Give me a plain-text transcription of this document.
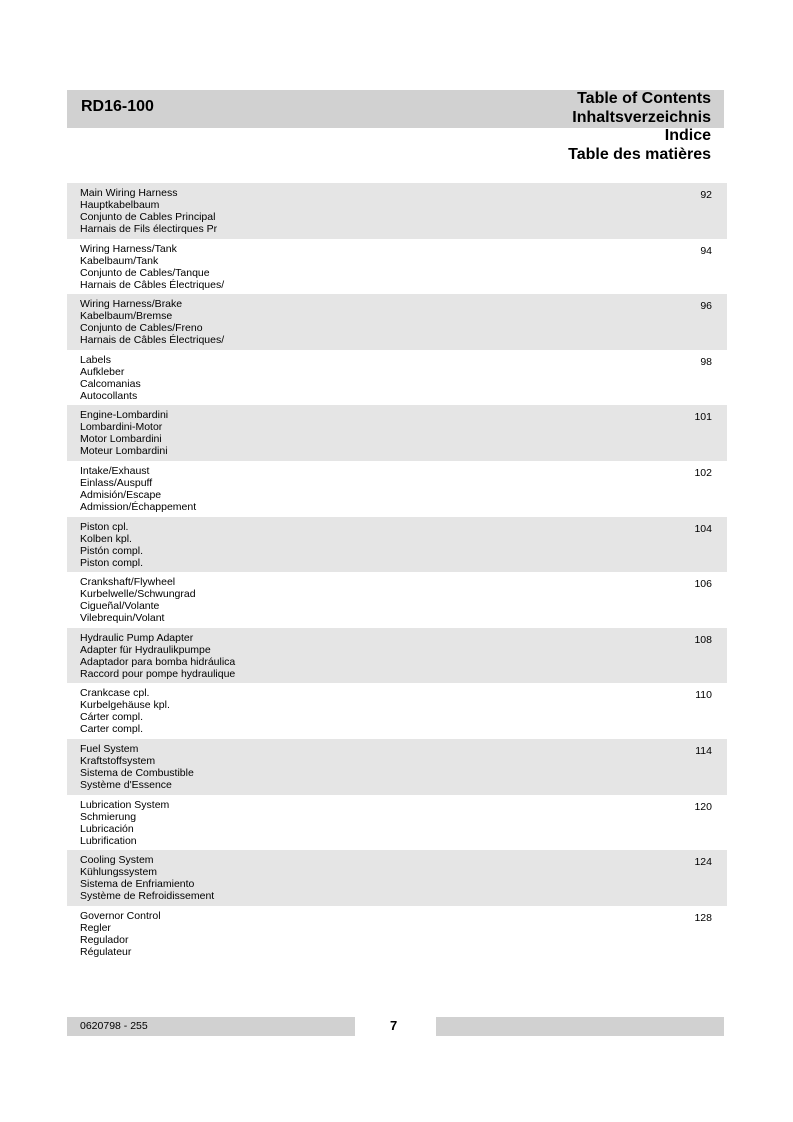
RD16-100	Table of Contents
Inhaltsverzeichnis
Indice
Table des matières
Main Wiring Harness
Hauptkabelbaum
Conjunto de Cables Principal
Harnais de Fils électirques Pr
92
Wiring Harness/Tank
Kabelbaum/Tank
Conjunto de Cables/Tanque
Harnais de Câbles Électriques/
94
Wiring Harness/Brake
Kabelbaum/Bremse
Conjunto de Cables/Freno
Harnais de Câbles Électriques/
96
Labels
Aufkleber
Calcomanias
Autocollants
98
Engine-Lombardini
Lombardini-Motor
Motor Lombardini
Moteur Lombardini
101
Intake/Exhaust
Einlass/Auspuff
Admisión/Escape
Admission/Échappement
102
Piston cpl.
Kolben kpl.
Pistón compl.
Piston compl.
104
Crankshaft/Flywheel
Kurbelwelle/Schwungrad
Cigueñal/Volante
Vilebrequin/Volant
106
Hydraulic Pump Adapter
Adapter für Hydraulikpumpe
Adaptador para bomba hidráulica
Raccord pour pompe hydraulique
108
Crankcase cpl.
Kurbelgehäuse kpl.
Cárter compl.
Carter compl.
110
Fuel System
Kraftstoffsystem
Sistema de Combustible
Système d'Essence
114
Lubrication System
Schmierung
Lubricación
Lubrification
120
Cooling System
Kühlungssystem
Sistema de Enfriamiento
Système de Refroidissement
124
Governor Control
Regler
Regulador
Régulateur
128
0620798 - 255	7
